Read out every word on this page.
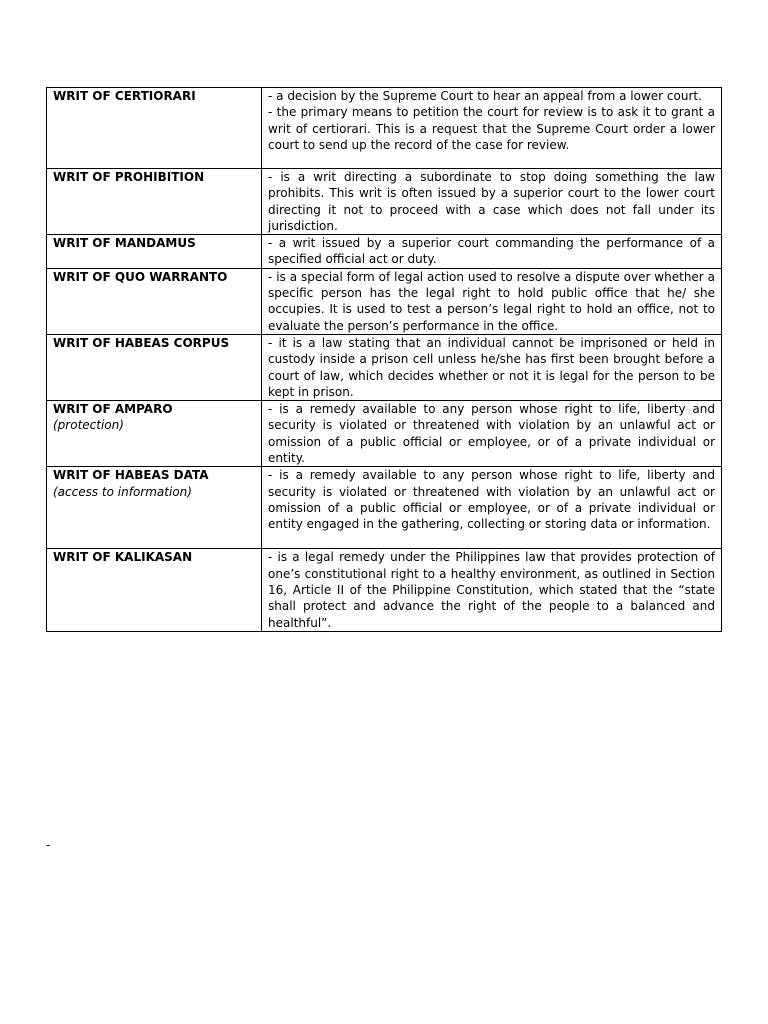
WRIT OF CERTIORARI	- a decision by the Supreme Court to hear an appeal from a lower court.
- the primary means to petition the court for review is to ask it to grant a writ of certiorari. This is a request that the Supreme Court order a lower court to send up the record of the case for review.

WRIT OF PROHIBITION	- is a writ directing a subordinate to stop doing something the law prohibits. This writ is often issued by a superior court to the lower court directing it not to proceed with a case which does not fall under its jurisdiction.

WRIT OF MANDAMUS	- a writ issued by a superior court commanding the performance of a specified official act or duty.

WRIT OF QUO WARRANTO	- is a special form of legal action used to resolve a dispute over whether a specific person has the legal right to hold public office that he/ she occupies. It is used to test a person’s legal right to hold an office, not to evaluate the person’s performance in the office.

WRIT OF HABEAS CORPUS	- it is a law stating that an individual cannot be imprisoned or held in custody inside a prison cell unless he/she has first been brought before a court of law, which decides whether or not it is legal for the person to be kept in prison.

WRIT OF AMPARO
(protection)	- is a remedy available to any person whose right to life, liberty and security is violated or threatened with violation by an unlawful act or omission of a public official or employee, or of a private individual or entity.

WRIT OF HABEAS DATA
(access to information)	- is a remedy available to any person whose right to life, liberty and security is violated or threatened with violation by an unlawful act or omission of a public official or employee, or of a private individual or entity engaged in the gathering, collecting or storing data or information.

WRIT OF KALIKASAN	- is a legal remedy under the Philippines law that provides protection of one’s constitutional right to a healthy environment, as outlined in Section 16, Article II of the Philippine Constitution, which stated that the “state shall protect and advance the right of the people to a balanced and healthful”.
-
